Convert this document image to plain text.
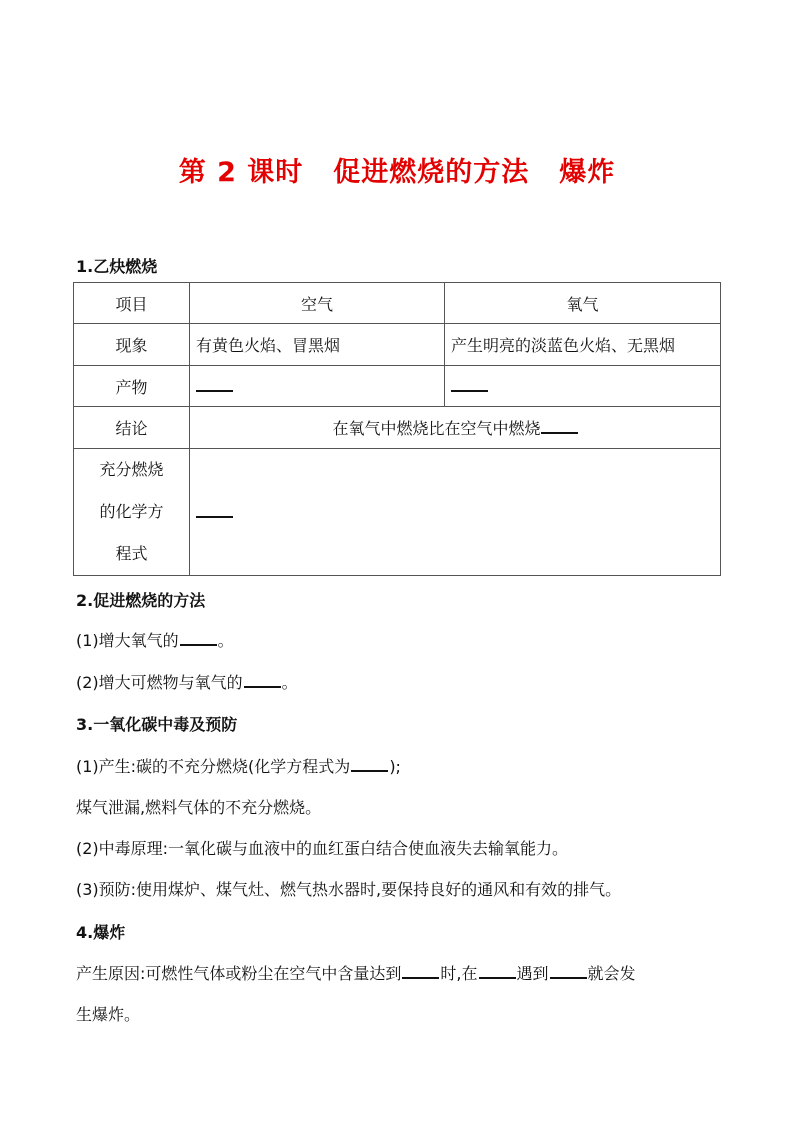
第 2 课时 促进燃烧的方法 爆炸
1.乙炔燃烧
项目	空气	氧气
现象	有黄色火焰、冒黑烟	产生明亮的淡蓝色火焰、无黑烟
产物		
结论	在氧气中燃烧比在空气中燃烧	

充分燃烧
的化学方
程式		

2.促进燃烧的方法
(1)增大氧气的 。
(2)增大可燃物与氧气的 。
3.一氧化碳中毒及预防
(1)产生:碳的不充分燃烧(化学方程式为 );
煤气泄漏,燃料气体的不充分燃烧。
(2)中毒原理:一氧化碳与血液中的血红蛋白结合使血液失去输氧能力。
(3)预防:使用煤炉、煤气灶、燃气热水器时,要保持良好的通风和有效的排气。
4.爆炸
产生原因:可燃性气体或粉尘在空气中含量达到 时,在 遇到 就会发
生爆炸。
